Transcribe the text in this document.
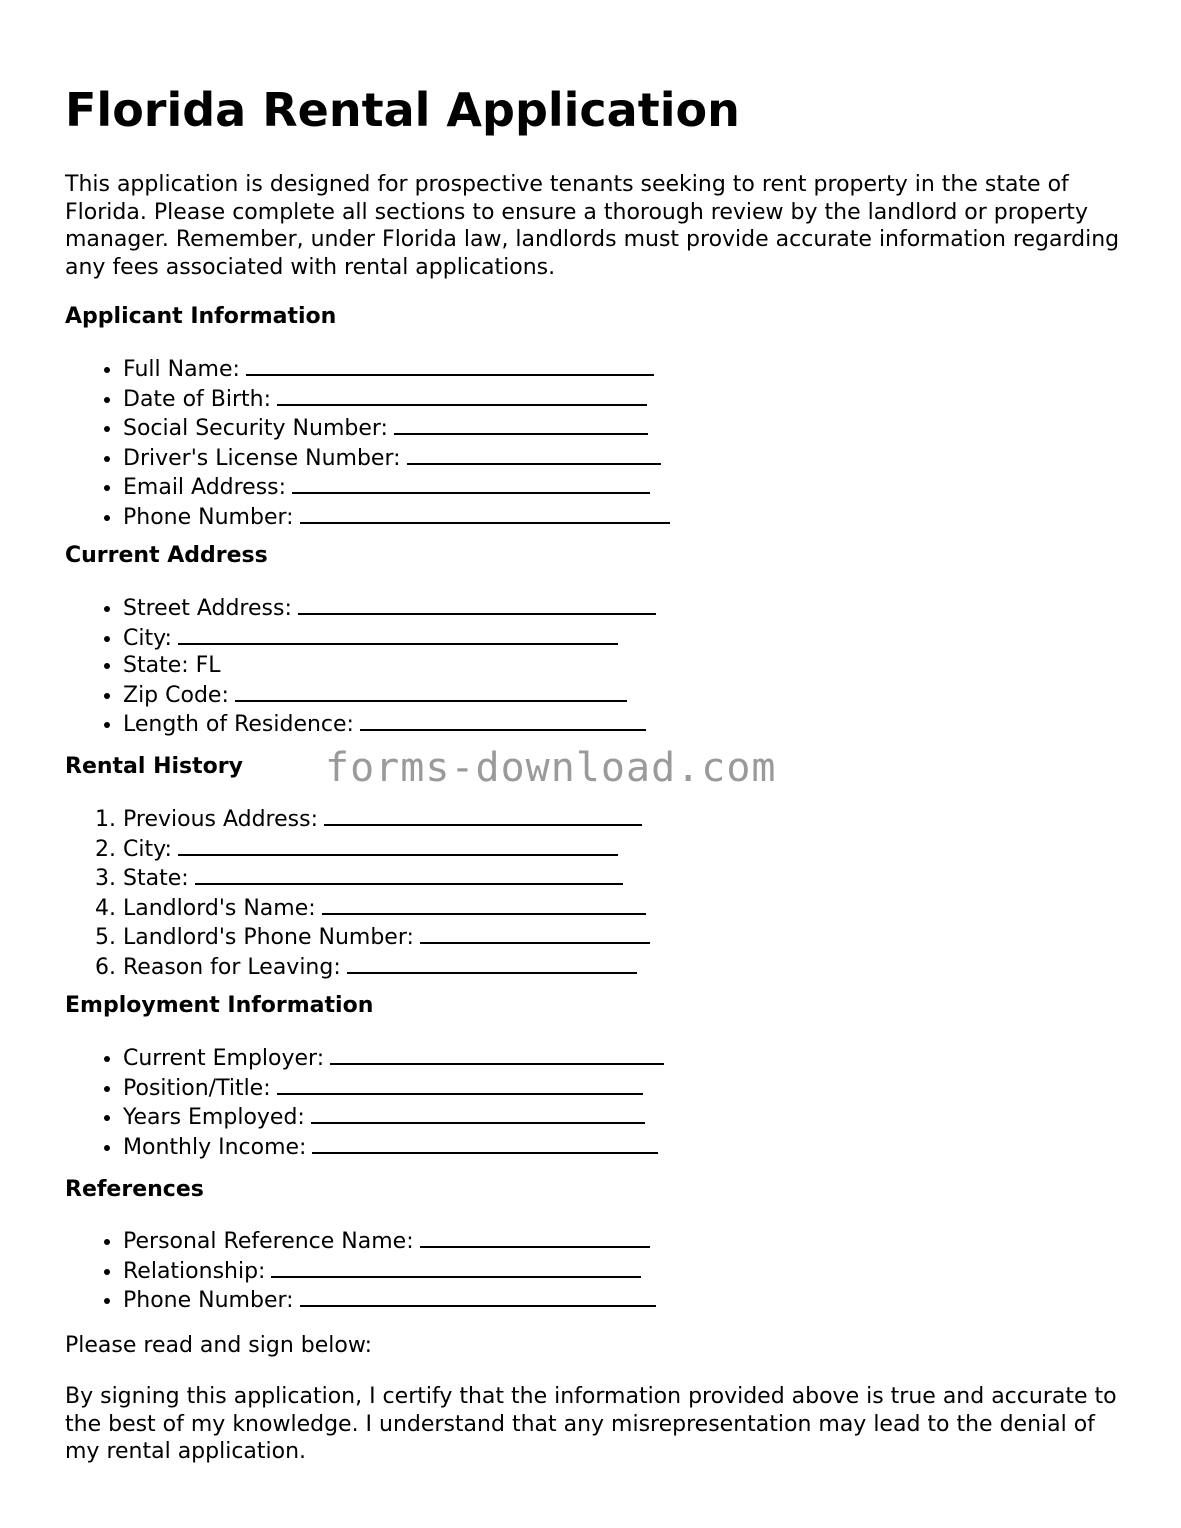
Florida Rental Application

This application is designed for prospective tenants seeking to rent property in the state of Florida. Please complete all sections to ensure a thorough review by the landlord or property manager. Remember, under Florida law, landlords must provide accurate information regarding any fees associated with rental applications.

Applicant Information
• Full Name:
• Date of Birth:
• Social Security Number:
• Driver's License Number:
• Email Address:
• Phone Number:
Current Address
• Street Address:
• City:
• State: FL
• Zip Code:
• Length of Residence:
Rental History
1. Previous Address:
2. City:
3. State:
4. Landlord's Name:
5. Landlord's Phone Number:
6. Reason for Leaving:
Employment Information
• Current Employer:
• Position/Title:
• Years Employed:
• Monthly Income:
References
• Personal Reference Name:
• Relationship:
• Phone Number:

Please read and sign below:

By signing this application, I certify that the information provided above is true and accurate to the best of my knowledge. I understand that any misrepresentation may lead to the denial of my rental application.

forms-download.com
